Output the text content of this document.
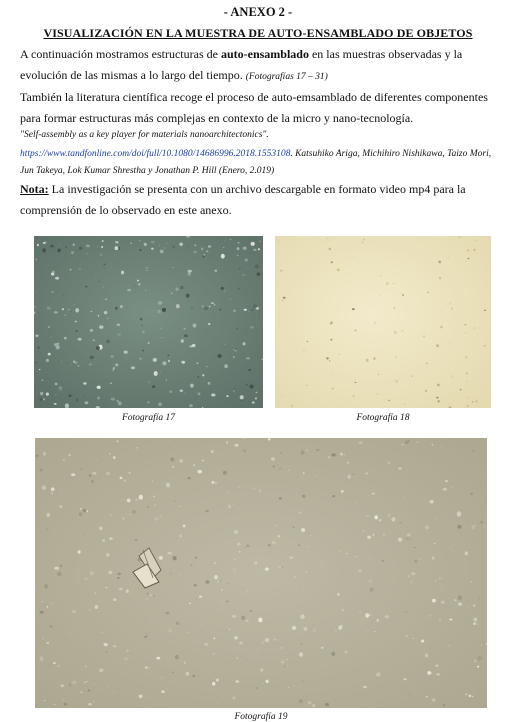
- ANEXO 2 -
VISUALIZACIÓN EN LA MUESTRA DE AUTO-ENSAMBLADO DE OBJETOS

A continuación mostramos estructuras de auto-ensamblado en las muestras observadas y la evolución de las mismas a lo largo del tiempo. (Fotografías 17 – 31)

También la literatura científica recoge el proceso de auto-emsamblado de diferentes componentes para formar estructuras más complejas en contexto de la micro y nano-tecnología.

"Self-assembly as a key player for materials nanoarchitectonics".

https://www.tandfonline.com/doi/full/10.1080/14686996.2018.1553108. Katsuhiko Ariga, Michihiro Nishikawa, Taizo Mori, Jun Takeya, Lok Kumar Shrestha y Jonathan P. Hill (Enero, 2.019)

Nota: La investigación se presenta con un archivo descargable en formato video mp4 para la comprensión de lo observado en este anexo.

Fotografía 17	Fotografía 18
Fotografía 19
